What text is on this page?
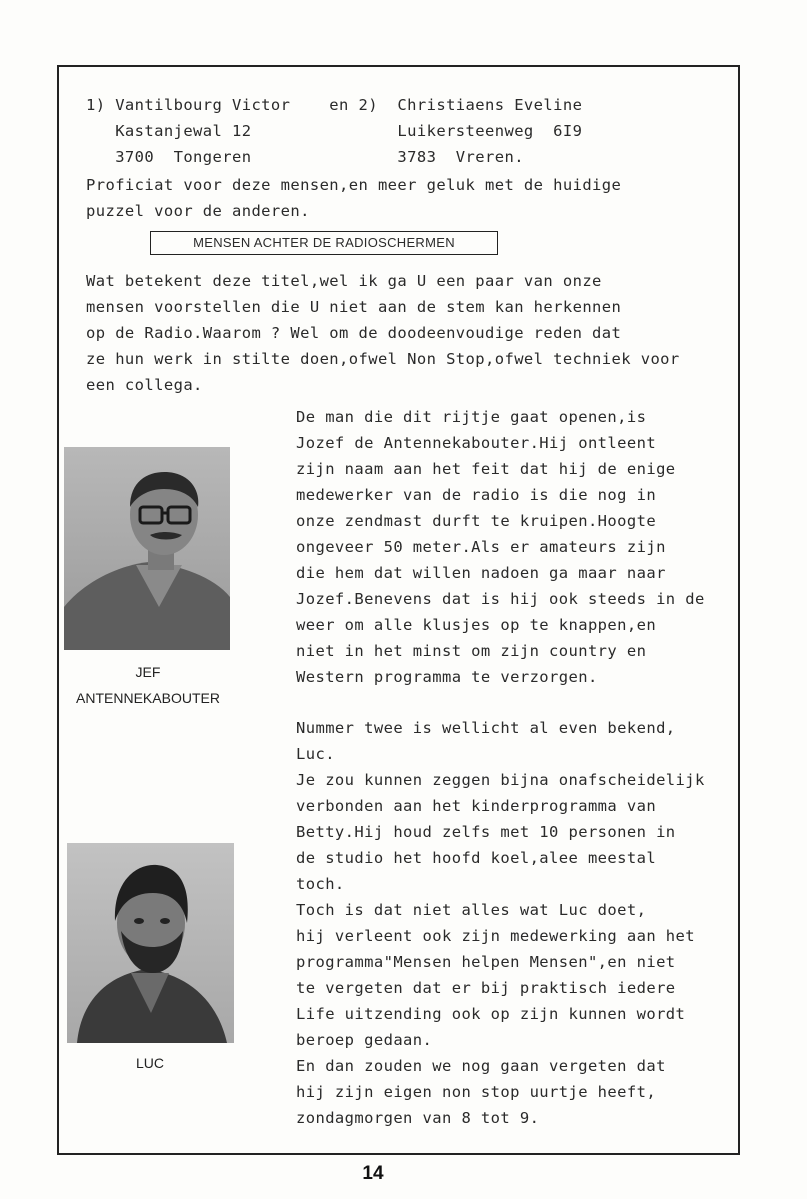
1) Vantilbourg Victor    en 2)  Christiaens Eveline
Kastanjewal 12               Luikersteenweg  6I9
3700  Tongeren               3783  Vreren.
Proficiat voor deze mensen,en meer geluk met de huidige
puzzel voor de anderen.
MENSEN ACHTER DE RADIOSCHERMEN
Wat betekent deze titel,wel ik ga U een paar van onze
mensen voorstellen die U niet aan de stem kan herkennen
op de Radio.Waarom ? Wel om de doodeenvoudige reden dat
ze hun werk in stilte doen,ofwel Non Stop,ofwel techniek voor
een collega.
De man die dit rijtje gaat openen,is
Jozef de Antennekabouter.Hij ontleent
zijn naam aan het feit dat hij de enige
medewerker van de radio is die nog in
onze zendmast durft te kruipen.Hoogte
ongeveer 50 meter.Als er amateurs zijn
die hem dat willen nadoen ga maar naar
Jozef.Benevens dat is hij ook steeds in de
weer om alle klusjes op te knappen,en
niet in het minst om zijn country en
Western programma te verzorgen.
Nummer twee is wellicht al even bekend,
Luc.
Je zou kunnen zeggen bijna onafscheidelijk
verbonden aan het kinderprogramma van
Betty.Hij houd zelfs met 10 personen in
de studio het hoofd koel,alee meestal
toch.
Toch is dat niet alles wat Luc doet,
hij verleent ook zijn medewerking aan het
programma"Mensen helpen Mensen",en niet
te vergeten dat er bij praktisch iedere
Life uitzending ook op zijn kunnen wordt
beroep gedaan.
En dan zouden we nog gaan vergeten dat
hij zijn eigen non stop uurtje heeft,
zondagmorgen van 8 tot 9.
JEF
ANTENNEKABOUTER
LUC
14
